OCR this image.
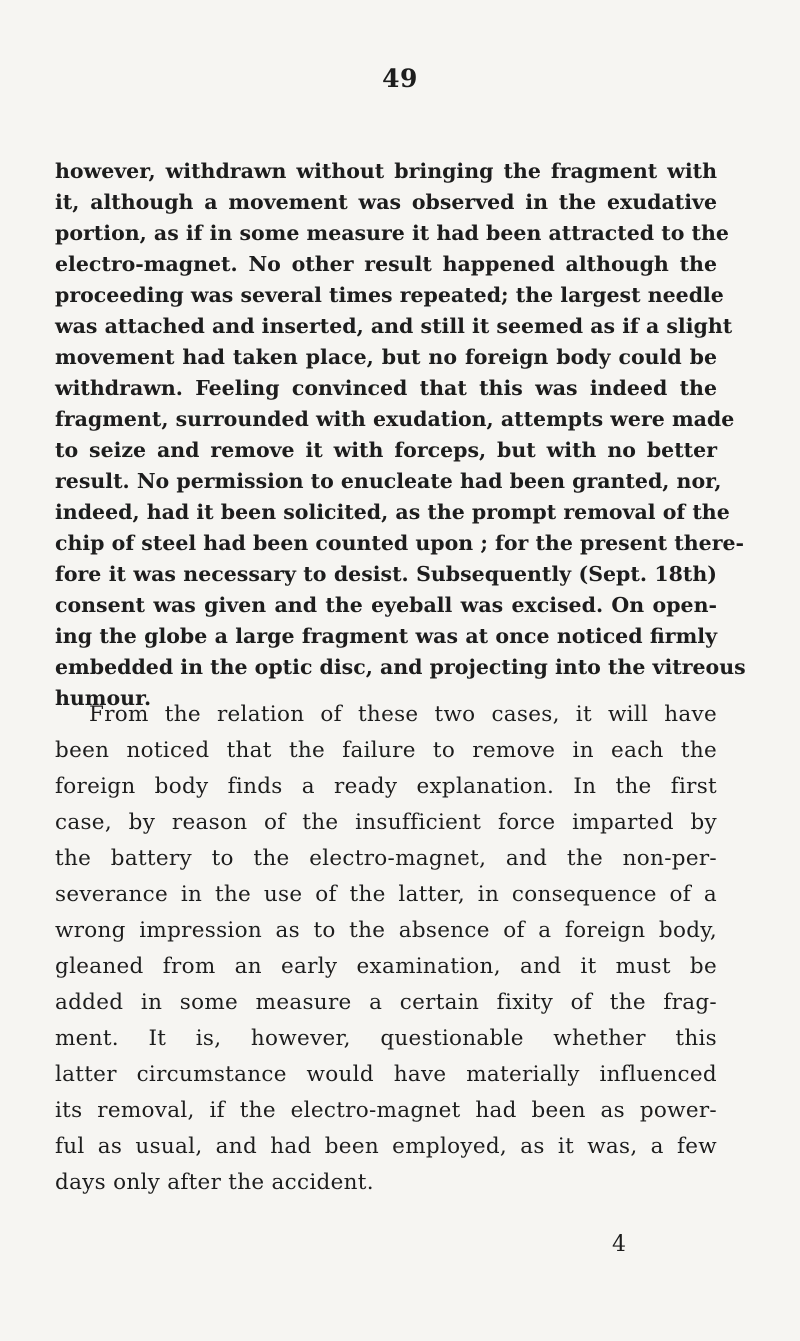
49
however, withdrawn without bringing the fragment with
it, although a movement was observed in the exudative
portion, as if in some measure it had been attracted to the
electro-magnet. No other result happened although the
proceeding was several times repeated; the largest needle
was attached and inserted, and still it seemed as if a slight
movement had taken place, but no foreign body could be
withdrawn. Feeling convinced that this was indeed the
fragment, surrounded with exudation, attempts were made
to seize and remove it with forceps, but with no better
result. No permission to enucleate had been granted, nor,
indeed, had it been solicited, as the prompt removal of the
chip of steel had been counted upon ; for the present there-
fore it was necessary to desist. Subsequently (Sept. 18th)
consent was given and the eyeball was excised. On open-
ing the globe a large fragment was at once noticed firmly
embedded in the optic disc, and projecting into the vitreous
humour.
From the relation of these two cases, it will have
been noticed that the failure to remove in each the
foreign body finds a ready explanation. In the first
case, by reason of the insufficient force imparted by
the battery to the electro-magnet, and the non-per-
severance in the use of the latter, in consequence of a
wrong impression as to the absence of a foreign body,
gleaned from an early examination, and it must be
added in some measure a certain fixity of the frag-
ment. It is, however, questionable whether this
latter circumstance would have materially influenced
its removal, if the electro-magnet had been as power-
ful as usual, and had been employed, as it was, a few
days only after the accident.
4
